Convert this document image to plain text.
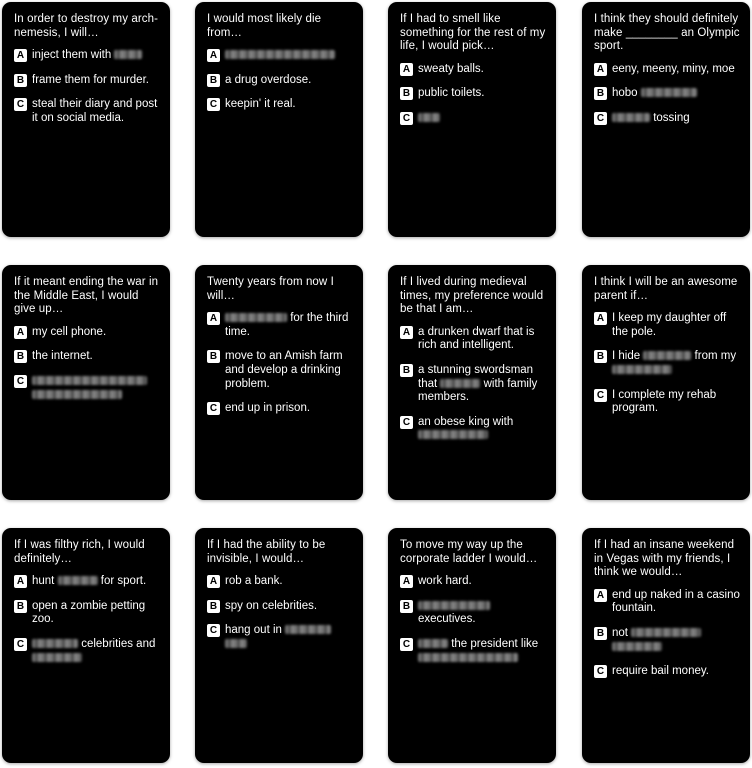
In order to destroy my arch-nemesis, I will…
A inject them with
B frame them for murder.
C steal their diary and post it on social media.
I would most likely die from…
A
B a drug overdose.
C keepin' it real.
If I had to smell like something for the rest of my life, I would pick…
A sweaty balls.
B public toilets.
C
I think they should definitely make ________ an Olympic sport.
A eeny, meeny, miny, moe
B hobo
C	tossing
If it meant ending the war in the Middle East, I would give up…
A my cell phone.
B the internet.
C

Twenty years from now I will…
A	for the third time.
B move to an Amish farm and develop a drinking problem.
C end up in prison.
If I lived during medieval times, my preference would be that I am…
A a drunken dwarf that is rich and intelligent.
B a stunning swordsman that	with family members.
C an obese king with
I think I will be an awesome parent if…
A I keep my daughter off the pole.
B I hide	from my

C I complete my rehab program.
If I was filthy rich, I would definitely…
A hunt	for sport.
B open a zombie petting zoo.
C	celebrities and

If I had the ability to be invisible, I would…
A rob a bank.
B spy on celebrities.
C hang out in

To move my way up the corporate ladder I would…
A work hard.
B
executives.
C	the president like

If I had an insane weekend in Vegas with my friends, I think we would…
A end up naked in a casino fountain.
B not

C require bail money.
